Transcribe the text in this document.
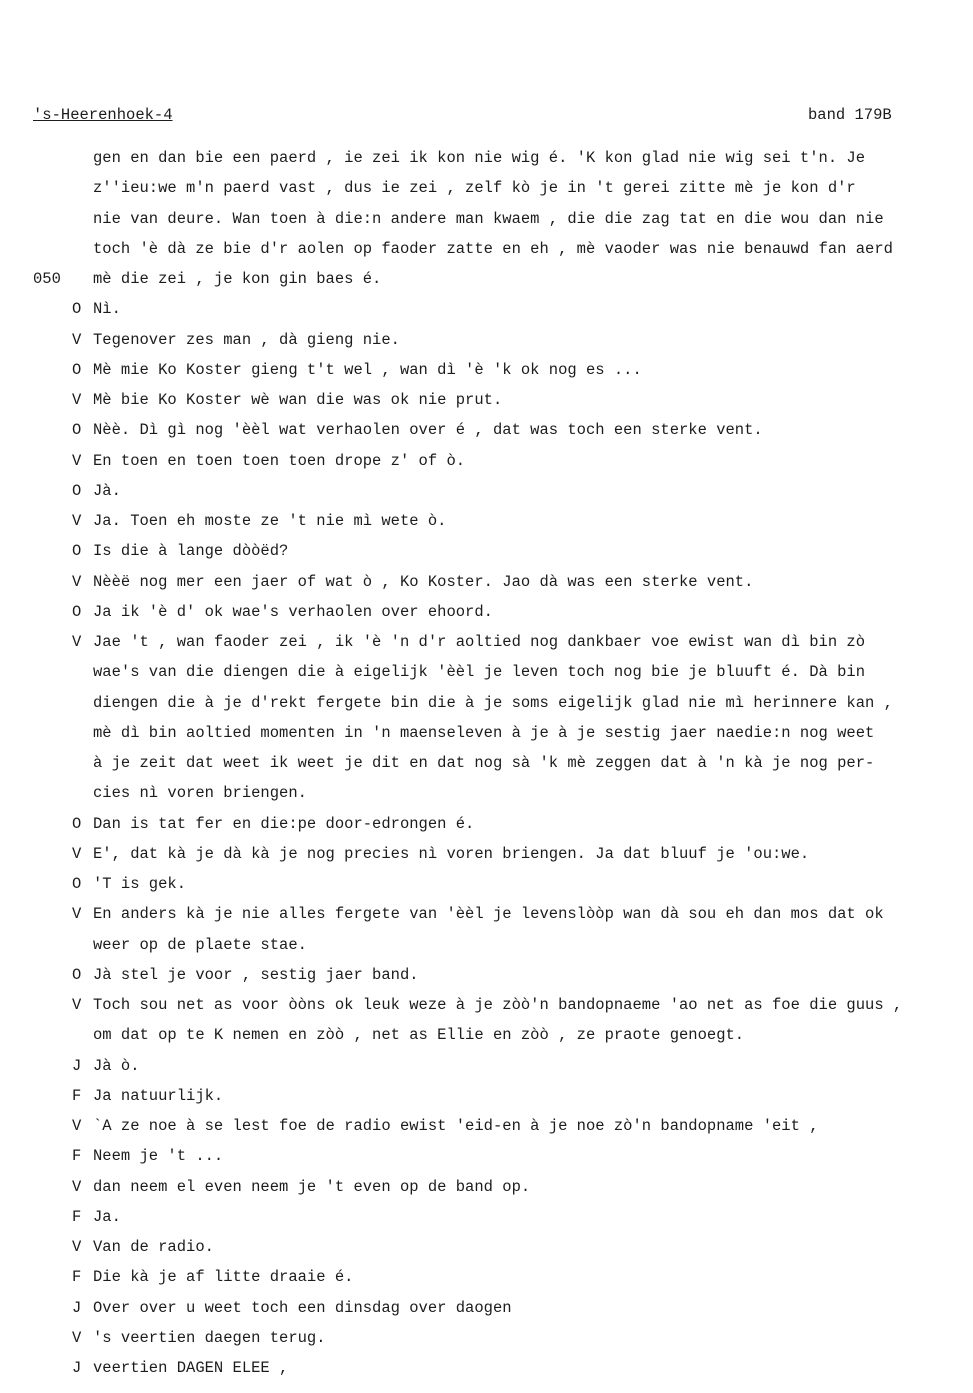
's-Heerenhoek-4	band 179B
gen en dan bie een paerd , ie zei ik kon nie wig é. 'K kon glad nie wig sei t'n. Je
z''ieu:we m'n paerd vast , dus ie zei , zelf kò je in 't gerei zitte mè je kon d'r
nie van deure. Wan toen à die:n andere man kwaem , die die zag tat en die wou dan nie
toch 'è dà ze bie d'r aolen op faoder zatte en eh , mè vaoder was nie benauwd fan aerd
050 mè die zei , je kon gin baes é.
O Nì.
V Tegenover zes man , dà gieng nie.
O Mè mie Ko Koster gieng t't wel , wan dì 'è 'k ok nog es ...
V Mè bie Ko Koster wè wan die was ok nie prut.
O Nèè. Dì gì nog 'èèl wat verhaolen over é , dat was toch een sterke vent.
V En toen en toen toen toen drope z' of ò.
O Jà.
V Ja. Toen eh moste ze 't nie mì wete ò.
O Is die à lange dòòëd?
V Nèèë nog mer een jaer of wat ò , Ko Koster. Jao dà was een sterke vent.
O Ja ik 'è d' ok wae's verhaolen over ehoord.
V Jae 't , wan faoder zei , ik 'è 'n d'r aoltied nog dankbaer voe ewist wan dì bin zò
wae's van die diengen die à eigelijk 'èèl je leven toch nog bie je bluuft é. Dà bin
diengen die à je d'rekt fergete bin die à je soms eigelijk glad nie mì herinnere kan ,
mè dì bin aoltied momenten in 'n maenseleven à je à je sestig jaer naedie:n nog weet
à je zeit dat weet ik weet je dit en dat nog sà 'k mè zeggen dat à 'n kà je nog per-
cies nì voren briengen.
O Dan is tat fer en die:pe door-edrongen é.
V E', dat kà je dà kà je nog precies nì voren briengen. Ja dat bluuf je 'ou:we.
O 'T is gek.
V En anders kà je nie alles fergete van 'èèl je levenslòòp wan dà sou eh dan mos dat ok
weer op de plaete stae.
O Jà stel je voor , sestig jaer band.
V Toch sou net as voor òòns ok leuk weze à je zòò'n bandopnaeme 'ao net as foe die guus ,
om dat op te K nemen en zòò , net as Ellie en zòò , ze praote genoegt.
J Jà ò.
F Ja natuurlijk.
V `A ze noe à se lest foe de radio ewist 'eid-en à je noe zò'n bandopname 'eit ,
F Neem je 't ...
V dan neem el even neem je 't even op de band op.
F Ja.
V Van de radio.
F Die kà je af litte draaie é.
J Over over u weet toch een dinsdag over daogen
V 's veertien daegen terug.
J veertien DAGEN ELEE ,
